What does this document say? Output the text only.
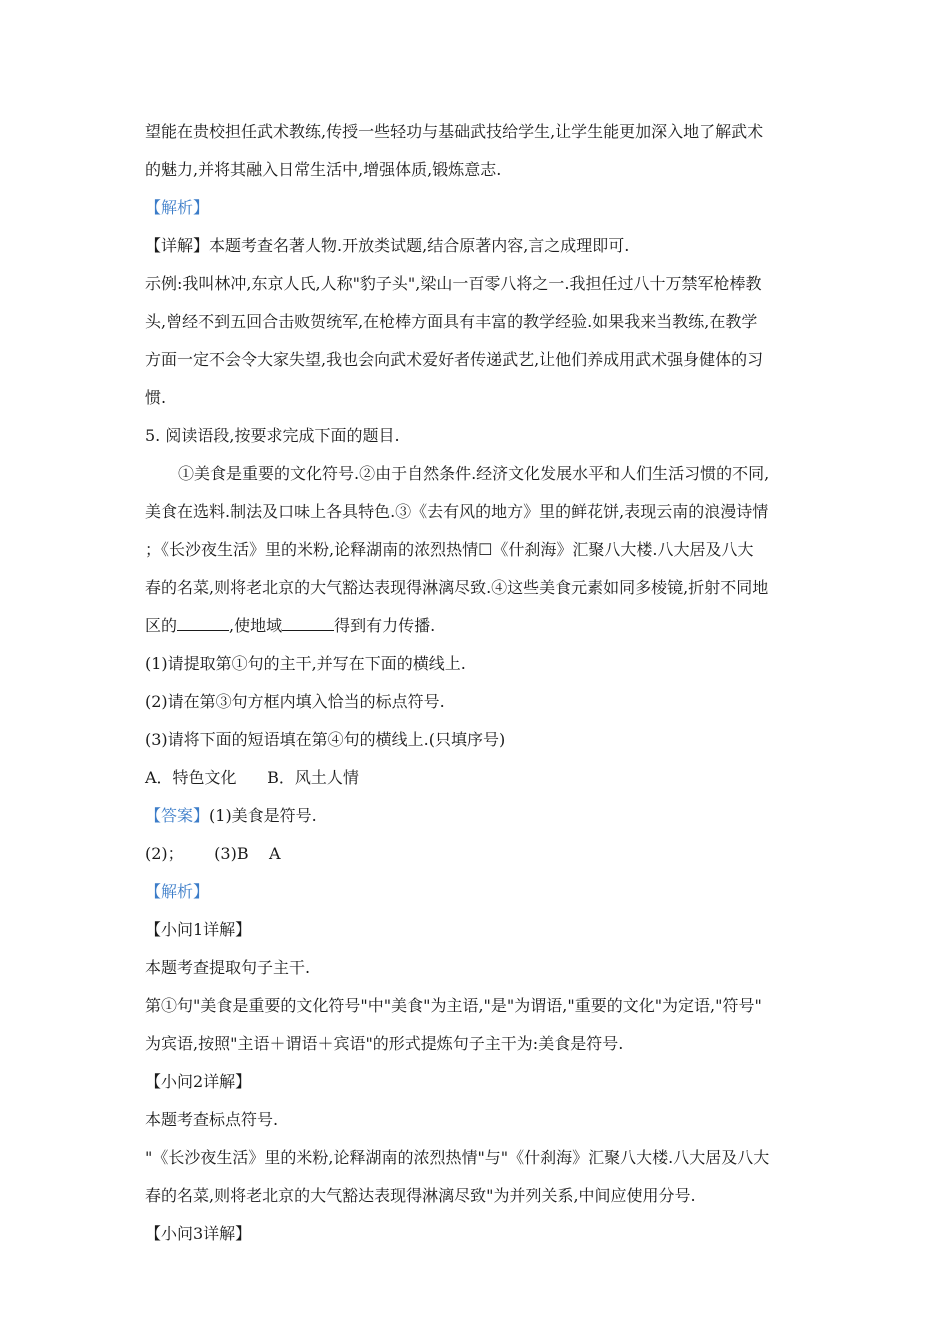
望能在贵校担任武术教练,传授一些轻功与基础武技给学生,让学生能更加深入地了解武术
的魅力,并将其融入日常生活中,增强体质,锻炼意志.
【解析】
【详解】本题考查名著人物.开放类试题,结合原著内容,言之成理即可.
示例:我叫林冲,东京人氏,人称"豹子头",梁山一百零八将之一.我担任过八十万禁军枪棒教
头,曾经不到五回合击败贺统军,在枪棒方面具有丰富的教学经验.如果我来当教练,在教学
方面一定不会令大家失望,我也会向武术爱好者传递武艺,让他们养成用武术强身健体的习
惯.
5. 阅读语段,按要求完成下面的题目.
①美食是重要的文化符号.②由于自然条件.经济文化发展水平和人们生活习惯的不同,
美食在选料.制法及口味上各具特色.③《去有风的地方》里的鲜花饼,表现云南的浪漫诗情
；《长沙夜生活》里的米粉,论释湖南的浓烈热情☐《什刹海》汇聚八大楼.八大居及八大
春的名菜,则将老北京的大气豁达表现得淋漓尽致.④这些美食元素如同多棱镜,折射不同地
区的	,使地域	得到有力传播.
(1)请提取第①句的主干,并写在下面的横线上.
(2)请在第③句方框内填入恰当的标点符号.
(3)请将下面的短语填在第④句的横线上.(只填序号)
A．特色文化      B．风土人情
【答案】(1)美食是符号.
(2)；      (3)B    A
【解析】
【小问1详解】
本题考查提取句子主干.
第①句"美食是重要的文化符号"中"美食"为主语,"是"为谓语,"重要的文化"为定语,"符号"
为宾语,按照"主语＋谓语＋宾语"的形式提炼句子主干为:美食是符号.
【小问2详解】
本题考查标点符号.
"《长沙夜生活》里的米粉,论释湖南的浓烈热情"与"《什刹海》汇聚八大楼.八大居及八大
春的名菜,则将老北京的大气豁达表现得淋漓尽致"为并列关系,中间应使用分号.
【小问3详解】
